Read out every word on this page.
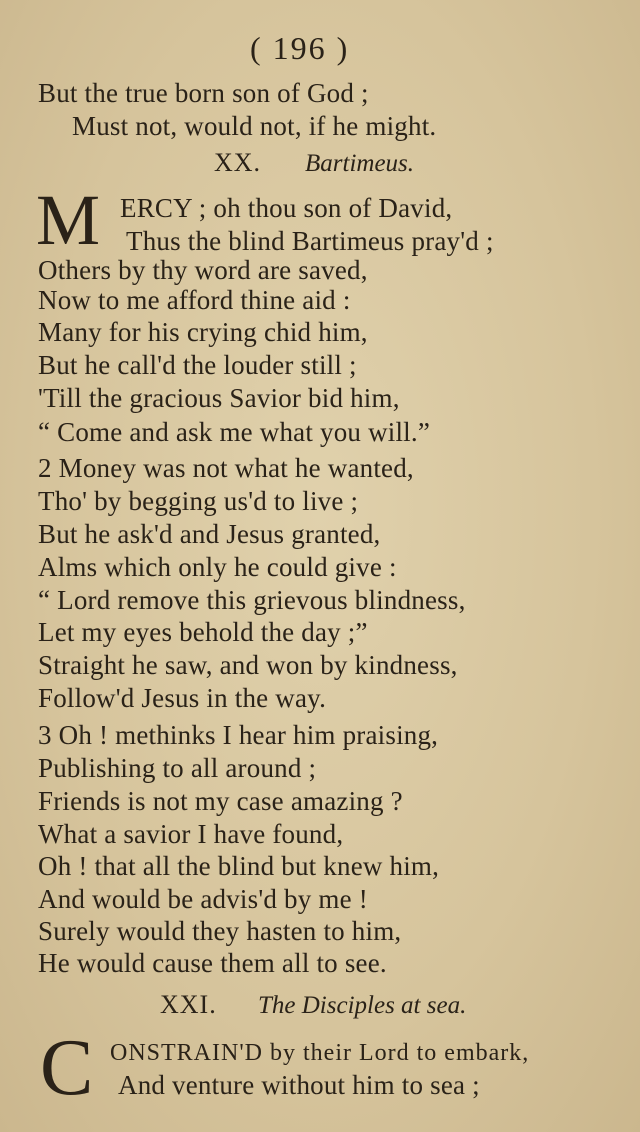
( 196 )
But the true born son of God ;
Must not, would not, if he might.
XX. Bartimeus.
M ERCY ; oh thou son of David,
Thus the blind Bartimeus pray'd ;
Others by thy word are saved,
Now to me afford thine aid :
Many for his crying chid him,
But he call'd the louder still ;
'Till the gracious Savior bid him,
“ Come and ask me what you will.”
2 Money was not what he wanted,
Tho' by begging us'd to live ;
But he ask'd and Jesus granted,
Alms which only he could give :
“ Lord remove this grievous blindness,
Let my eyes behold the day ;”
Straight he saw, and won by kindness,
Follow'd Jesus in the way.
3 Oh ! methinks I hear him praising,
Publishing to all around ;
Friends is not my case amazing ?
What a savior I have found,
Oh ! that all the blind but knew him,
And would be advis'd by me !
Surely would they hasten to him,
He would cause them all to see.
XXI. The Disciples at sea.
C ONSTRAIN'D by their Lord to embark,
And venture without him to sea ;
